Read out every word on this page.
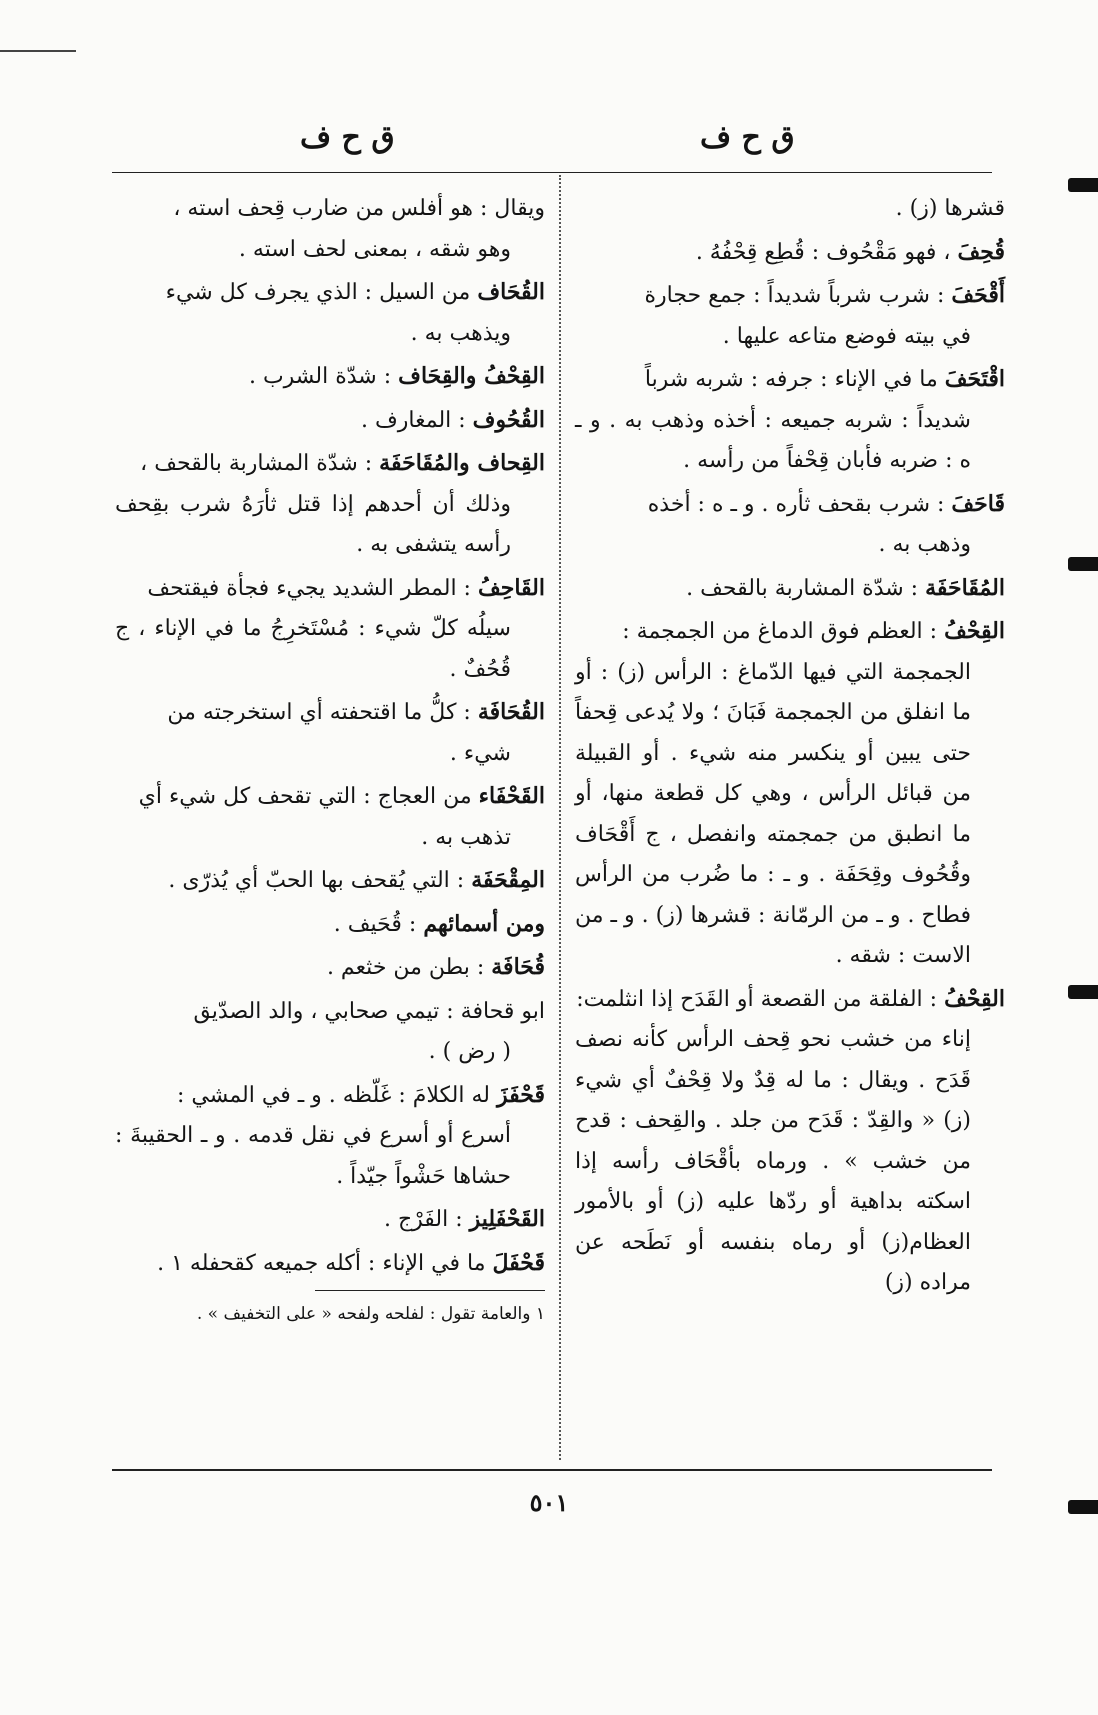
ق ح ف
ق ح ف
قشرها (ز) .
قُحِفَ ، فهو مَقْحُوف : قُطِع قِحْفُهُ .
أَقْحَفَ : شرب شرباً شديداً : جمع حجارة
في بيته فوضع متاعه عليها .
اقْتَحَفَ ما في الإناء : جرفه : شربه شرباً
شديداً : شربه جميعه : أخذه وذهب به . و ـ ه : ضربه فأبان قِحْفاً من رأسه .
قَاحَفَ : شرب بقحف ثأره . و ـ ه : أخذه
وذهب به .
المُقَاحَفَة : شدّة المشاربة بالقحف .
القِحْفُ : العظم فوق الدماغ من الجمجمة :
الجمجمة التي فيها الدّماغ : الرأس (ز) : أو ما انفلق من الجمجمة فَبَانَ ؛ ولا يُدعى قِحفاً حتى يبين أو ينكسر منه شيء . أو القبيلة من قبائل الرأس ، وهي كل قطعة منها، أو ما انطبق من جمجمته وانفصل ، ج أَقْحَاف وقُحُوف وقِحَفَة . و ـ : ما ضُرب من الرأس فطاح . و ـ من الرمّانة : قشرها (ز) . و ـ من الاست : شقه .
القِحْفُ : الفلقة من القصعة أو القَدَح إذا انثلمت:
إناء من خشب نحو قِحف الرأس كأنه نصف قَدَح . ويقال : ما له قِدٌ ولا قِحْفٌ أي شيء (ز) « والقِدّ : قَدَح من جلد . والقِحف : قدح من خشب » . ورماه بأقْحَاف رأسه إذا اسكته بداهية أو ردّها عليه (ز) أو بالأمور العظام(ز) أو رماه بنفسه أو نَطَحه عن مراده (ز)
ويقال : هو أفلس من ضارب قِحف استه ،
وهو شقه ، بمعنى لحف استه .
القُحَاف من السيل : الذي يجرف كل شيء
ويذهب به .
القِحْفُ والقِحَاف : شدّة الشرب .
القُحُوف : المغارف .
القِحاف والمُقَاحَفَة : شدّة المشاربة بالقحف ،
وذلك أن أحدهم إذا قتل ثأرَهُ شرب بقِحف رأسه يتشفى به .
القَاحِفُ : المطر الشديد يجيء فجأة فيقتحف
سيلُه كلّ شيء : مُسْتَخرِجُ ما في الإناء ، ج قُحُفٌ .
القُحَافَة : كلُّ ما اقتحفته أي استخرجته من
شيء .
القَحْفَاء من العجاج : التي تقحف كل شيء أي
تذهب به .
المِقْحَفَة : التي يُقحف بها الحبّ أي يُذرّى .
ومن أسمائهم : قُحَيف .
قُحَافَة : بطن من خثعم .
ابو قحافة : تيمي صحابي ، والد الصدّيق
( رض ) .
قَحْفَزَ له الكلامَ : غَلّظه . و ـ في المشي :
أسرع أو أسرع في نقل قدمه . و ـ الحقيبةَ : حشاها حَشْواً جيّداً .
القَحْفَلِيز : الفَرْج .
قَحْفَلَ ما في الإناء : أكله جميعه كقحفله ١ .
١ والعامة تقول : لفلحه ولفحه « على التخفيف » .
٥٠١
